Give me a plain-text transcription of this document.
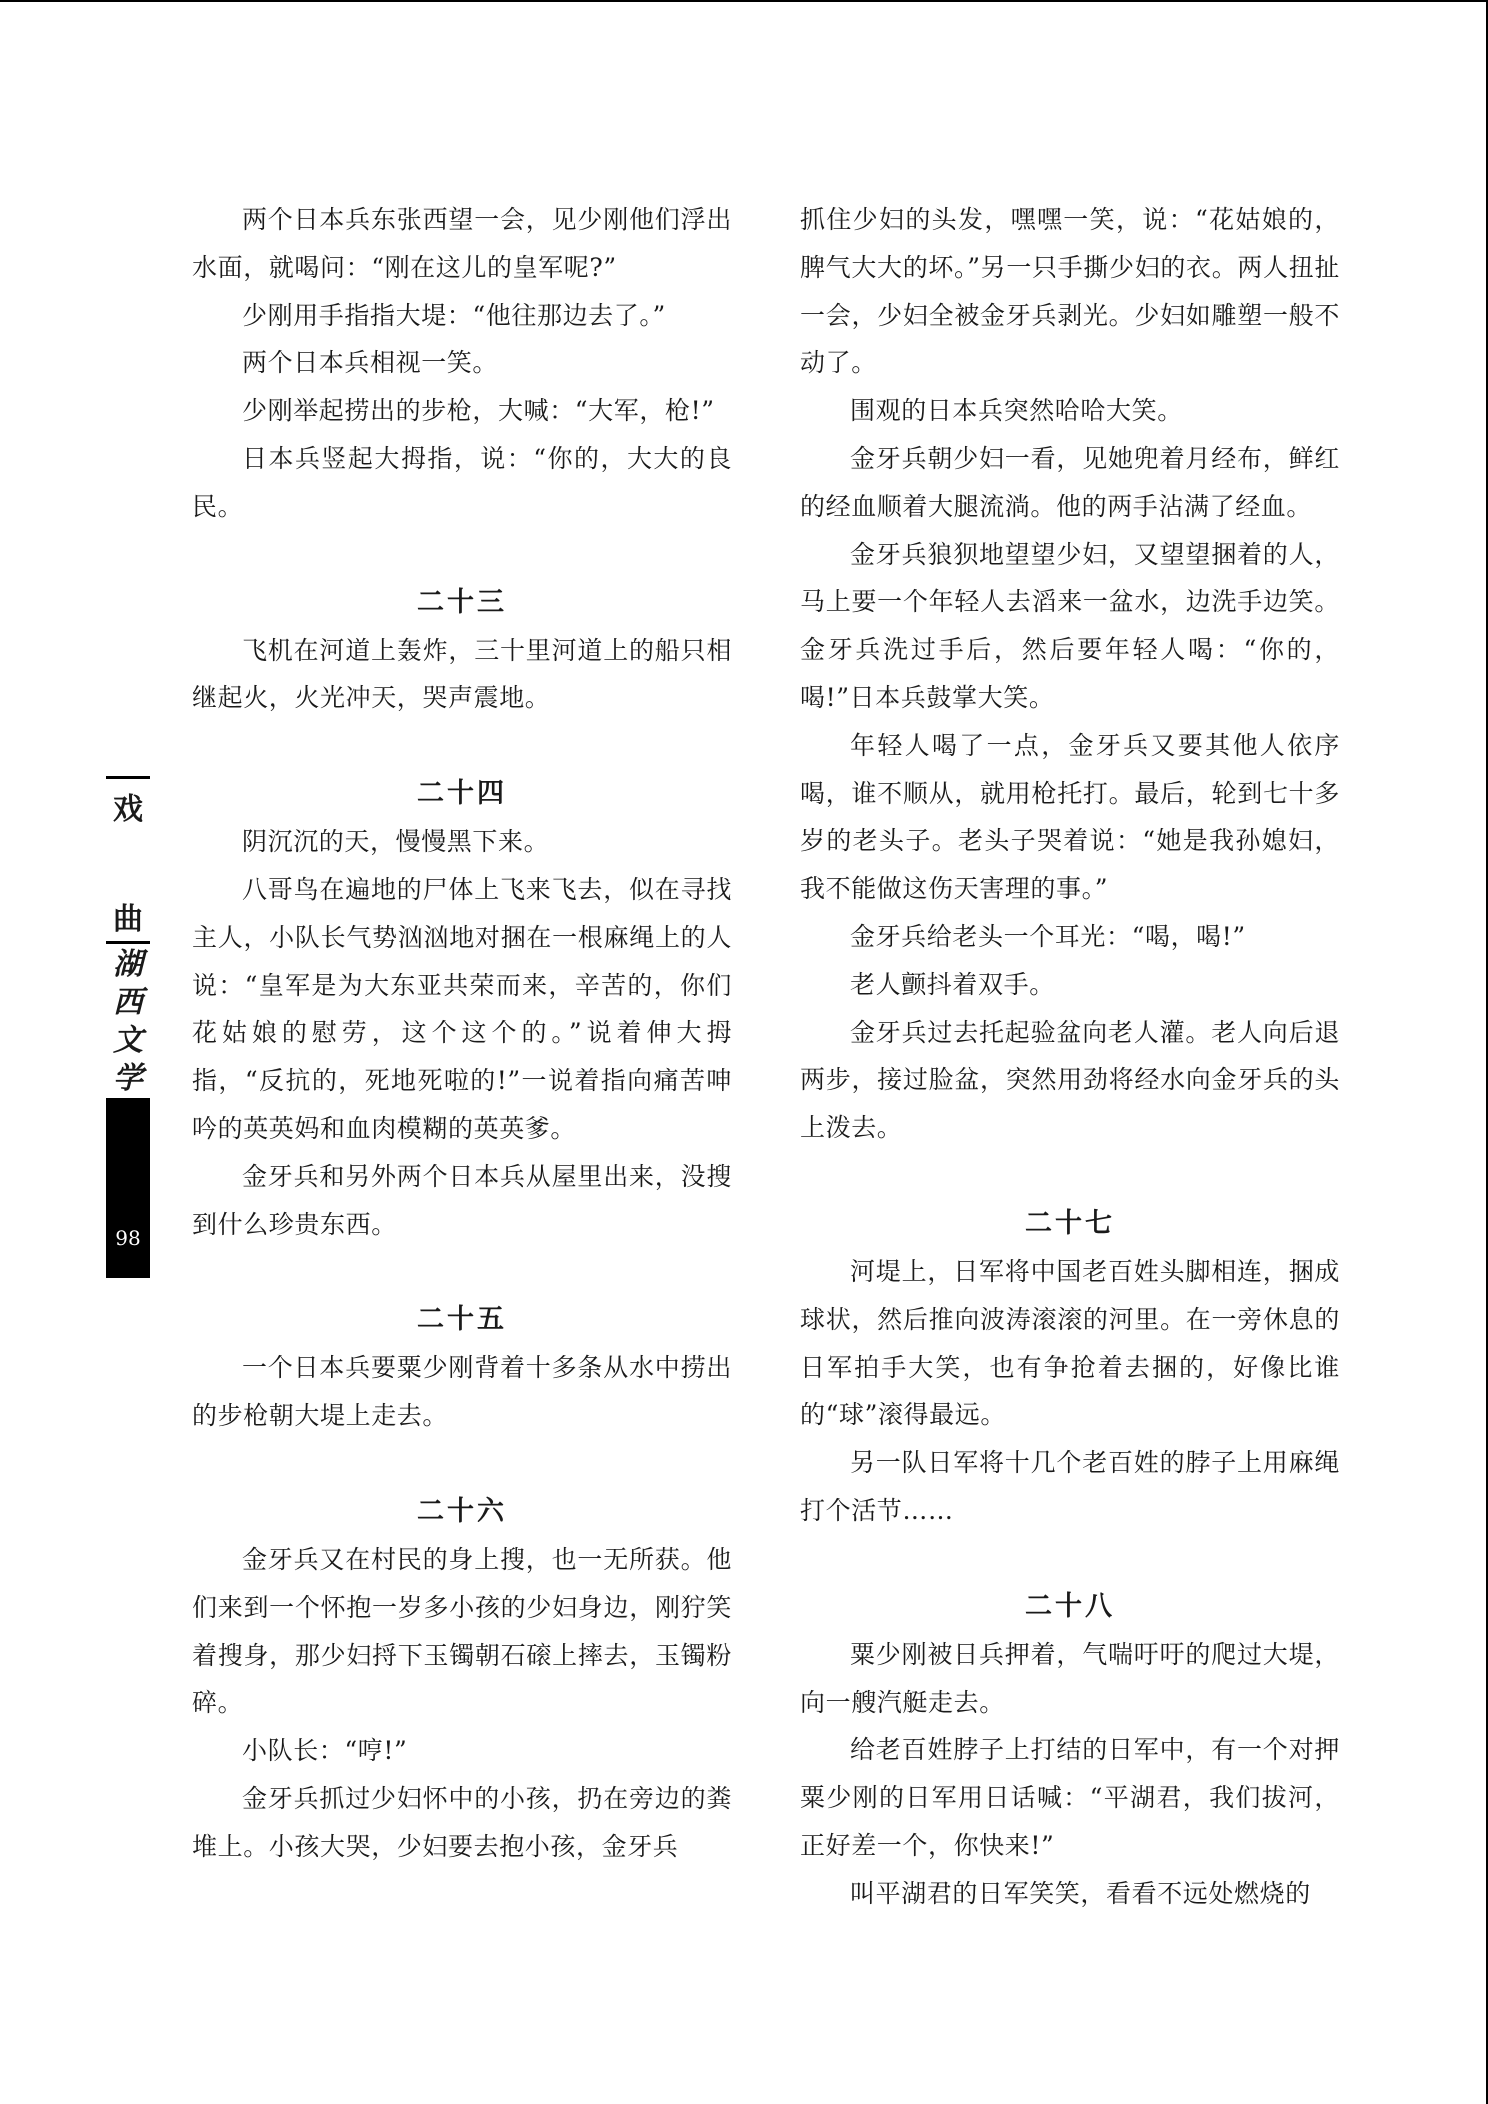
戏
曲
湖西文学
98

两个日本兵东张西望一会，见少刚他们浮出水面，就喝问：“刚在这儿的皇军呢?”

少刚用手指指大堤：“他往那边去了。”

两个日本兵相视一笑。

少刚举起捞出的步枪，大喊：“大军，枪!”

日本兵竖起大拇指，说：“你的，大大的良民。

二十三

飞机在河道上轰炸，三十里河道上的船只相继起火，火光冲天，哭声震地。

二十四

阴沉沉的天，慢慢黑下来。

八哥鸟在遍地的尸体上飞来飞去，似在寻找主人，小队长气势汹汹地对捆在一根麻绳上的人说：“皇军是为大东亚共荣而来，辛苦的，你们花姑娘的慰劳，这个这个的。”说着伸大拇指，“反抗的，死地死啦的!”一说着指向痛苦呻吟的英英妈和血肉模糊的英英爹。

金牙兵和另外两个日本兵从屋里出来，没搜到什么珍贵东西。

二十五

一个日本兵要粟少刚背着十多条从水中捞出的步枪朝大堤上走去。

二十六

金牙兵又在村民的身上搜，也一无所获。他们来到一个怀抱一岁多小孩的少妇身边，刚狞笑着搜身，那少妇捋下玉镯朝石磙上摔去，玉镯粉碎。

小队长：“哼!”

金牙兵抓过少妇怀中的小孩，扔在旁边的粪堆上。小孩大哭，少妇要去抱小孩，金牙兵

抓住少妇的头发，嘿嘿一笑，说：“花姑娘的，脾气大大的坏。”另一只手撕少妇的衣。两人扭扯一会，少妇全被金牙兵剥光。少妇如雕塑一般不动了。

围观的日本兵突然哈哈大笑。

金牙兵朝少妇一看，见她兜着月经布，鲜红的经血顺着大腿流淌。他的两手沾满了经血。

金牙兵狼狈地望望少妇，又望望捆着的人，马上要一个年轻人去滔来一盆水，边洗手边笑。金牙兵洗过手后，然后要年轻人喝：“你的，喝!”日本兵鼓掌大笑。

年轻人喝了一点，金牙兵又要其他人依序喝，谁不顺从，就用枪托打。最后，轮到七十多岁的老头子。老头子哭着说：“她是我孙媳妇，我不能做这伤天害理的事。”

金牙兵给老头一个耳光：“喝，喝!”

老人颤抖着双手。

金牙兵过去托起验盆向老人灌。老人向后退两步，接过脸盆，突然用劲将经水向金牙兵的头上泼去。

二十七

河堤上，日军将中国老百姓头脚相连，捆成球状，然后推向波涛滚滚的河里。在一旁休息的日军拍手大笑，也有争抢着去捆的，好像比谁的“球”滚得最远。

另一队日军将十几个老百姓的脖子上用麻绳打个活节……

二十八

粟少刚被日兵押着，气喘吁吁的爬过大堤，向一艘汽艇走去。

给老百姓脖子上打结的日军中，有一个对押粟少刚的日军用日话喊：“平湖君，我们拔河，正好差一个，你快来!”

叫平湖君的日军笑笑，看看不远处燃烧的
